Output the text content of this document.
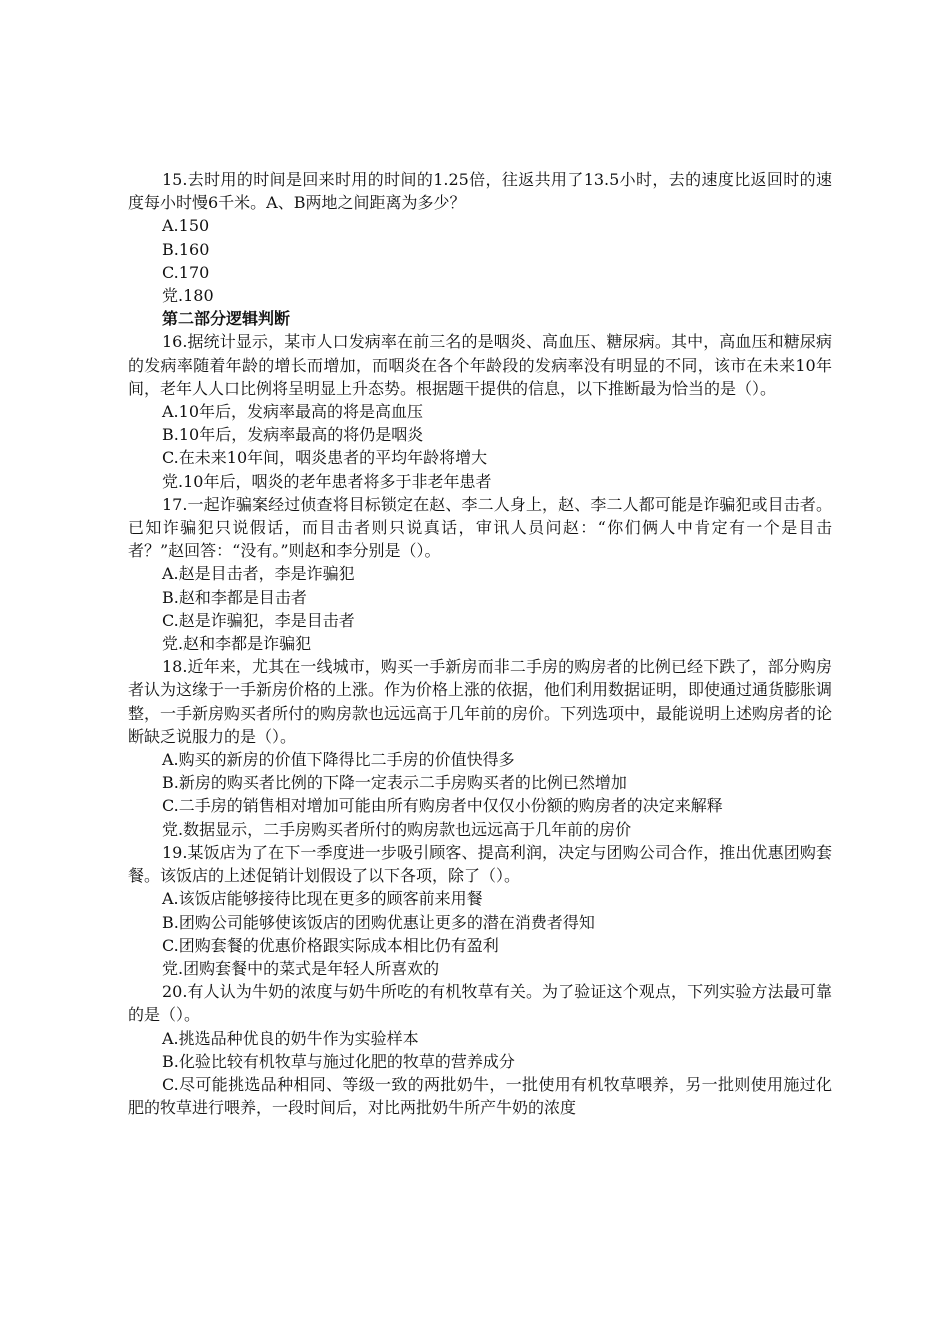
15.去时用的时间是回来时用的时间的1.25倍，往返共用了13.5小时，去的速度比返回时的速度每小时慢6千米。A、B两地之间距离为多少？

A.150

B.160

C.170

党.180

第二部分逻辑判断

16.据统计显示，某市人口发病率在前三名的是咽炎、高血压、糖尿病。其中，高血压和糖尿病的发病率随着年龄的增长而增加，而咽炎在各个年龄段的发病率没有明显的不同，该市在未来10年间，老年人人口比例将呈明显上升态势。根据题干提供的信息，以下推断最为恰当的是（）。

A.10年后，发病率最高的将是高血压

B.10年后，发病率最高的将仍是咽炎

C.在未来10年间，咽炎患者的平均年龄将增大

党.10年后，咽炎的老年患者将多于非老年患者

17.一起诈骗案经过侦查将目标锁定在赵、李二人身上，赵、李二人都可能是诈骗犯或目击者。已知诈骗犯只说假话，而目击者则只说真话，审讯人员问赵：“你们俩人中肯定有一个是目击者？”赵回答：“没有。”则赵和李分别是（）。

A.赵是目击者，李是诈骗犯

B.赵和李都是目击者

C.赵是诈骗犯，李是目击者

党.赵和李都是诈骗犯

18.近年来，尤其在一线城市，购买一手新房而非二手房的购房者的比例已经下跌了，部分购房者认为这缘于一手新房价格的上涨。作为价格上涨的依据，他们利用数据证明，即使通过通货膨胀调整，一手新房购买者所付的购房款也远远高于几年前的房价。下列选项中，最能说明上述购房者的论断缺乏说服力的是（）。

A.购买的新房的价值下降得比二手房的价值快得多

B.新房的购买者比例的下降一定表示二手房购买者的比例已然增加

C.二手房的销售相对增加可能由所有购房者中仅仅小份额的购房者的决定来解释

党.数据显示，二手房购买者所付的购房款也远远高于几年前的房价

19.某饭店为了在下一季度进一步吸引顾客、提高利润，决定与团购公司合作，推出优惠团购套餐。该饭店的上述促销计划假设了以下各项，除了（）。

A.该饭店能够接待比现在更多的顾客前来用餐

B.团购公司能够使该饭店的团购优惠让更多的潜在消费者得知

C.团购套餐的优惠价格跟实际成本相比仍有盈利

党.团购套餐中的菜式是年轻人所喜欢的

20.有人认为牛奶的浓度与奶牛所吃的有机牧草有关。为了验证这个观点，下列实验方法最可靠的是（）。

A.挑选品种优良的奶牛作为实验样本

B.化验比较有机牧草与施过化肥的牧草的营养成分

C.尽可能挑选品种相同、等级一致的两批奶牛，一批使用有机牧草喂养，另一批则使用施过化肥的牧草进行喂养，一段时间后，对比两批奶牛所产牛奶的浓度
